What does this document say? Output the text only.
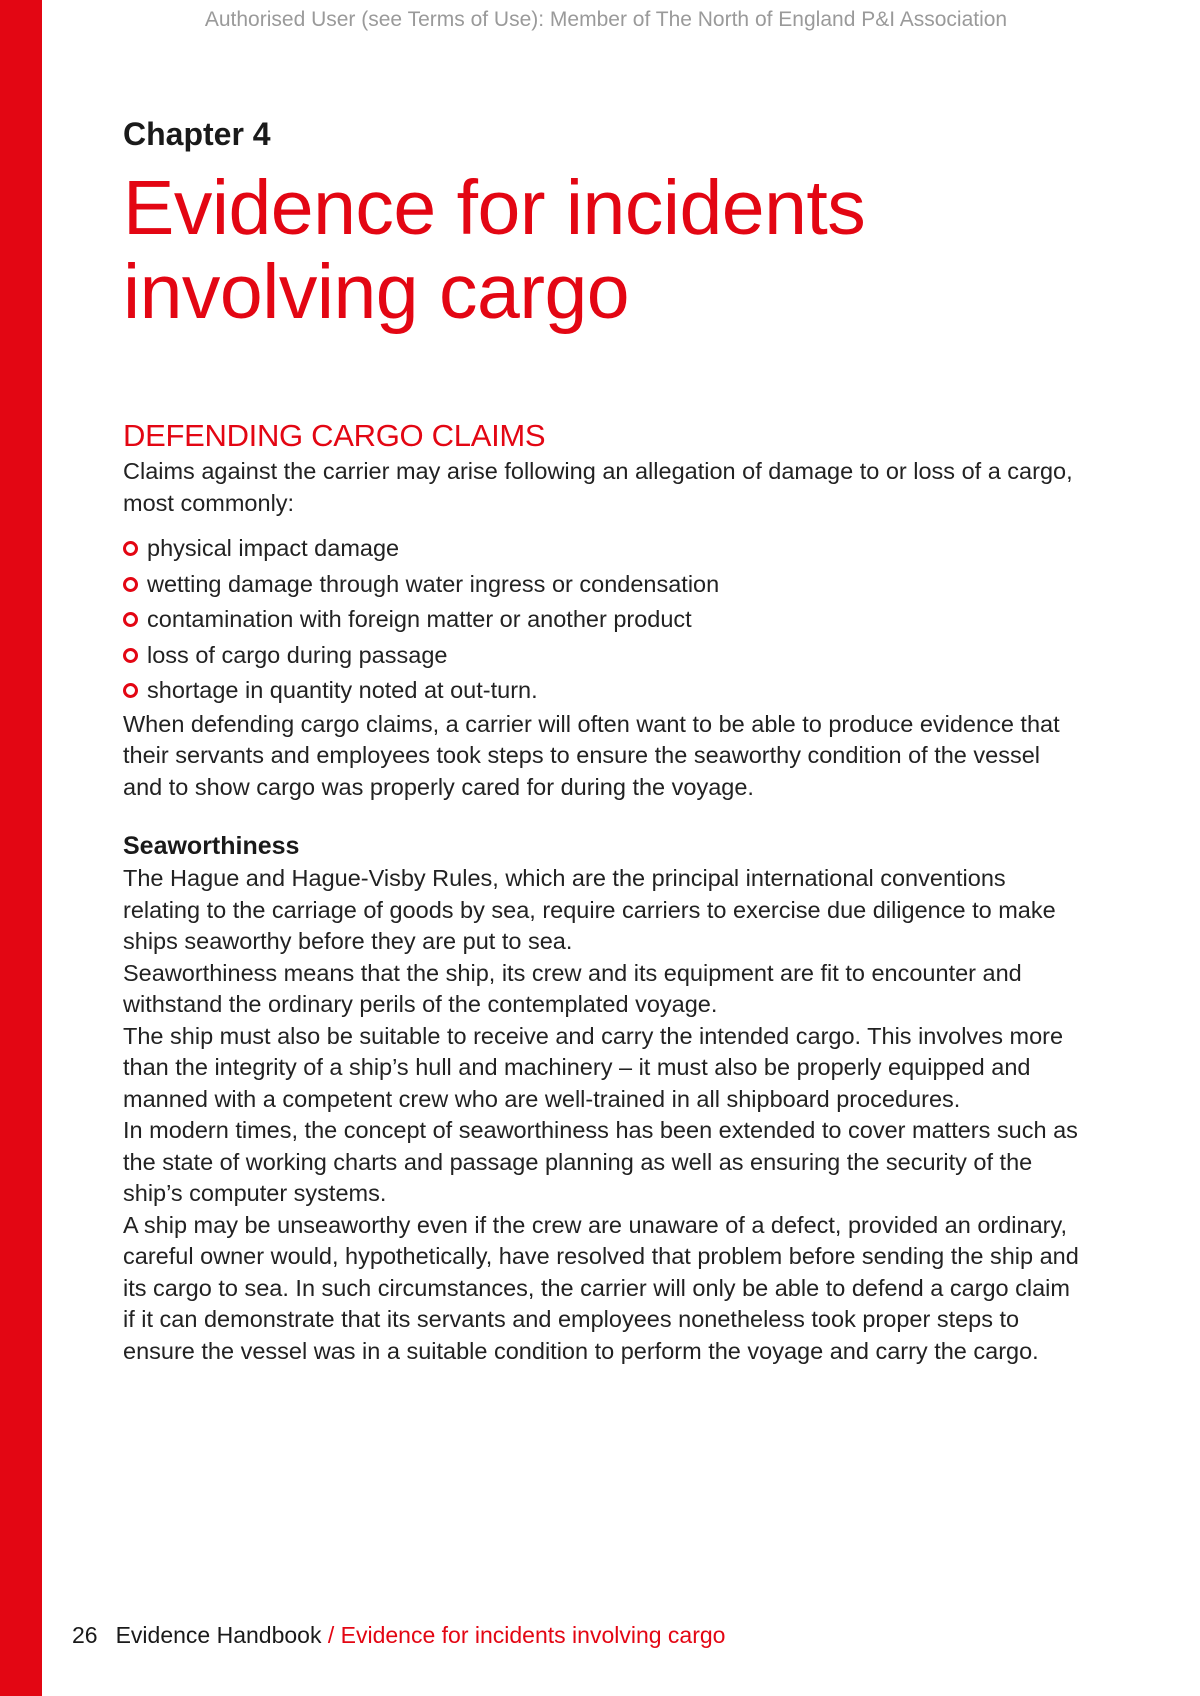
Authorised User (see Terms of Use): Member of The North of England P&I Association
Chapter 4
Evidence for incidents
involving cargo
DEFENDING CARGO CLAIMS

Claims against the carrier may arise following an allegation of damage to or loss of a cargo, most commonly:

physical impact damage
wetting damage through water ingress or condensation
contamination with foreign matter or another product
loss of cargo during passage
shortage in quantity noted at out-turn.

When defending cargo claims, a carrier will often want to be able to produce evidence that their servants and employees took steps to ensure the seaworthy condition of the vessel and to show cargo was properly cared for during the voyage.

Seaworthiness

The Hague and Hague-Visby Rules, which are the principal international conventions relating to the carriage of goods by sea, require carriers to exercise due diligence to make ships seaworthy before they are put to sea.

Seaworthiness means that the ship, its crew and its equipment are fit to encounter and withstand the ordinary perils of the contemplated voyage.

The ship must also be suitable to receive and carry the intended cargo. This involves more than the integrity of a ship’s hull and machinery – it must also be properly equipped and manned with a competent crew who are well-trained in all shipboard procedures.

In modern times, the concept of seaworthiness has been extended to cover matters such as the state of working charts and passage planning as well as ensuring the security of the ship’s computer systems.

A ship may be unseaworthy even if the crew are unaware of a defect, provided an ordinary, careful owner would, hypothetically, have resolved that problem before sending the ship and its cargo to sea. In such circumstances, the carrier will only be able to defend a cargo claim if it can demonstrate that its servants and employees nonetheless took proper steps to ensure the vessel was in a suitable condition to perform the voyage and carry the cargo.

26 Evidence Handbook / Evidence for incidents involving cargo
